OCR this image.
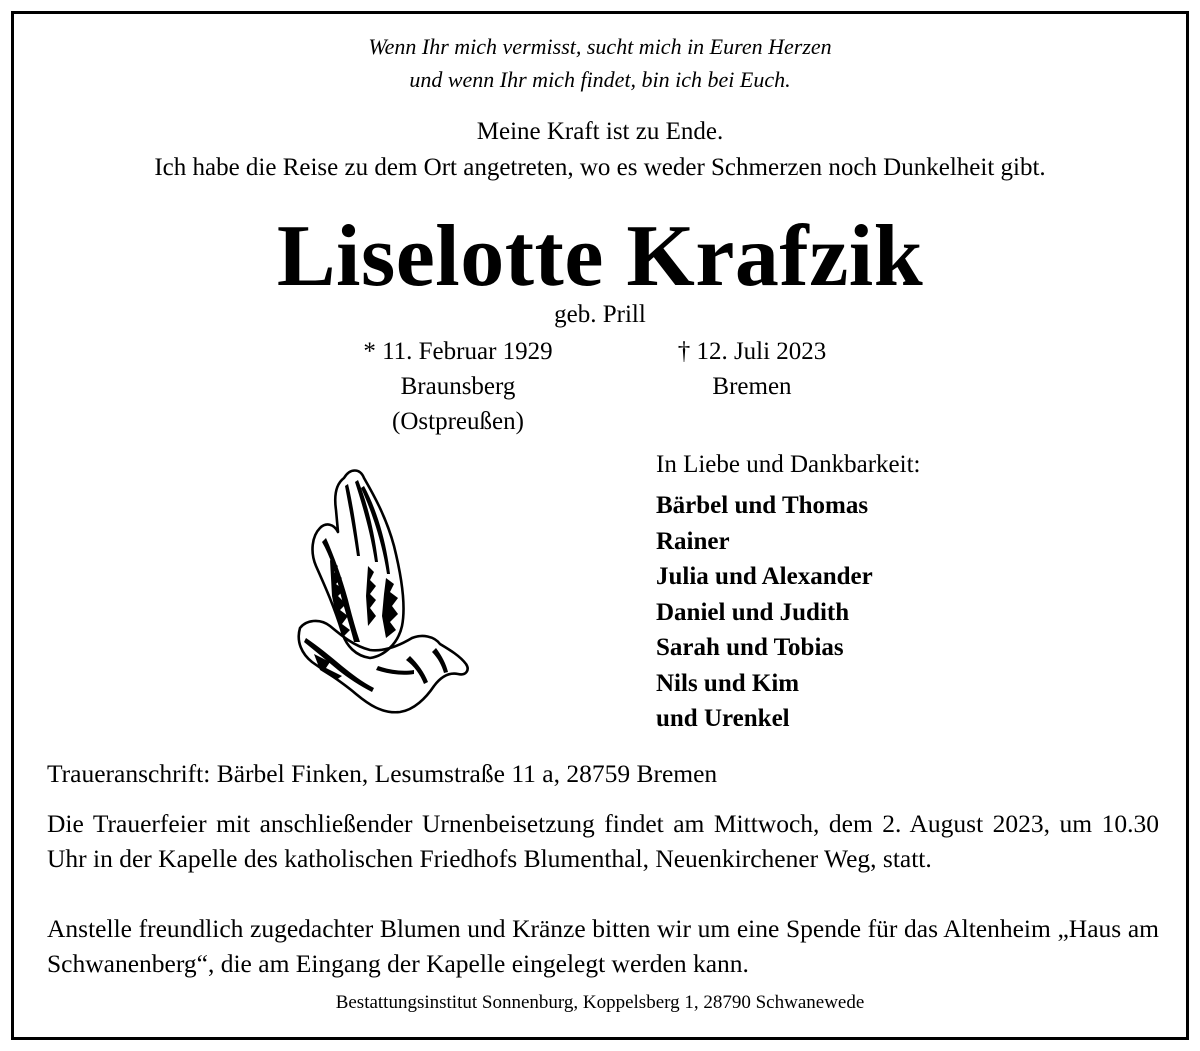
Wenn Ihr mich vermisst, sucht mich in Euren Herzen
und wenn Ihr mich findet, bin ich bei Euch.
Meine Kraft ist zu Ende.
Ich habe die Reise zu dem Ort angetreten, wo es weder Schmerzen noch Dunkelheit gibt.
Liselotte Krafzik
geb. Prill
* 11. Februar 1929
Braunsberg
(Ostpreußen)
† 12. Juli 2023
Bremen
In Liebe und Dankbarkeit:
Bärbel und Thomas
Rainer
Julia und Alexander
Daniel und Judith
Sarah und Tobias
Nils und Kim
und Urenkel
Traueranschrift: Bärbel Finken, Lesumstraße 11 a, 28759 Bremen
Die Trauerfeier mit anschließender Urnenbeisetzung findet am Mittwoch, dem 2. August 2023, um 10.30 Uhr in der Kapelle des katholischen Friedhofs Blumenthal, Neuenkirchener Weg, statt.
Anstelle freundlich zugedachter Blumen und Kränze bitten wir um eine Spende für das Altenheim „Haus am Schwanenberg“, die am Eingang der Kapelle eingelegt werden kann.
Bestattungsinstitut Sonnenburg, Koppelsberg 1, 28790 Schwanewede
